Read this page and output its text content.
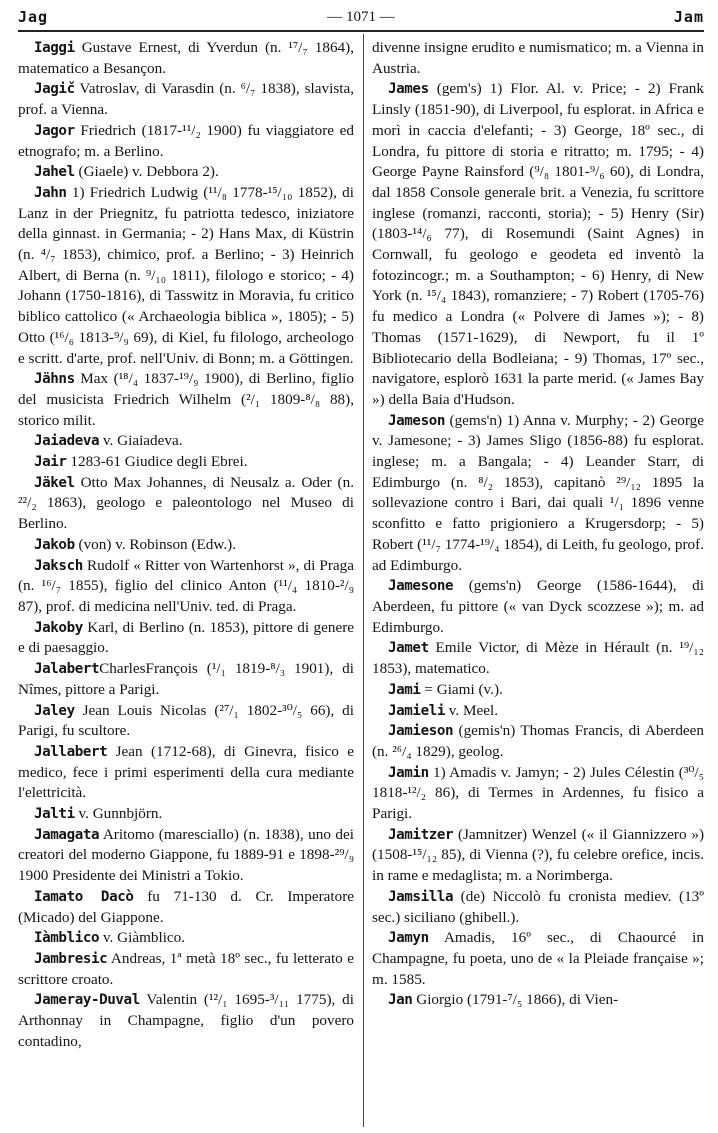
Jag	— 1071 —	Jam

Iaggi Gustave Ernest, di Yverdun (n. ¹⁷/₇ 1864), matematico a Besançon.

Jagič Vatroslav, di Varasdin (n. ⁶/₇ 1838), slavista, prof. a Vienna.

Jagor Friedrich (1817-¹¹/₂ 1900) fu viaggiatore ed etnografo; m. a Berlino.

Jahel (Giaele) v. Debbora 2).

Jahn 1) Friedrich Ludwig (¹¹/₈ 1778-¹⁵/₁₀ 1852), di Lanz in der Priegnitz, fu patriotta tedesco, iniziatore della ginnast. in Germania; - 2) Hans Max, di Küstrin (n. ⁴/₇ 1853), chimico, prof. a Berlino; - 3) Heinrich Albert, di Berna (n. ⁹/₁₀ 1811), filologo e storico; - 4) Johann (1750-1816), di Tasswitz in Moravia, fu critico biblico cattolico (« Archaeologia biblica », 1805); - 5) Otto (¹⁶/₆ 1813-⁹/₉ 69), di Kiel, fu filologo, archeologo e scritt. d'arte, prof. nell'Univ. di Bonn; m. a Göttingen.

Jähns Max (¹⁸/₄ 1837-¹⁹/₉ 1900), di Berlino, figlio del musicista Friedrich Wilhelm (²/₁ 1809-⁸/₈ 88), storico milit.

Jaiadeva v. Giaiadeva.

Jair 1283-61 Giudice degli Ebrei.

Jäkel Otto Max Johannes, di Neusalz a. Oder (n. ²²/₂ 1863), geologo e paleontologo nel Museo di Berlino.

Jakob (von) v. Robinson (Edw.).

Jaksch Rudolf « Ritter von Wartenhorst », di Praga (n. ¹⁶/₇ 1855), figlio del clinico Anton (¹¹/₄ 1810-²/₉ 87), prof. di medicina nell'Univ. ted. di Praga.

Jakoby Karl, di Berlino (n. 1853), pittore di genere e di paesaggio.

JalabertCharlesFrançois (¹/₁ 1819-⁸/₃ 1901), di Nîmes, pittore a Parigi.

Jaley Jean Louis Nicolas (²⁷/₁ 1802-³⁰/₅ 66), di Parigi, fu scultore.

Jallabert Jean (1712-68), di Ginevra, fisico e medico, fece i primi esperimenti della cura mediante l'elettricità.

Jalti v. Gunnbjörn.

Jamagata Aritomo (maresciallo) (n. 1838), uno dei creatori del moderno Giappone, fu 1889-91 e 1898-²⁹/₉ 1900 Presidente dei Ministri a Tokio.

Iamato Dacò fu 71-130 d. Cr. Imperatore (Micado) del Giappone.

Iàmblico v. Giàmblico.

Jambresic Andreas, 1ª metà 18º sec., fu letterato e scrittore croato.

Jameray-Duval Valentin (¹²/₁ 1695-³/₁₁ 1775), di Arthonnay in Champagne, figlio d'un povero contadino,

divenne insigne erudito e numismatico; m. a Vienna in Austria.

James (gem's) 1) Flor. Al. v. Price; - 2) Frank Linsly (1851-90), di Liverpool, fu esplorat. in Africa e morì in caccia d'elefanti; - 3) George, 18º sec., di Londra, fu pittore di storia e ritratto; m. 1795; - 4) George Payne Rainsford (⁹/₈ 1801-⁹/₆ 60), di Londra, dal 1858 Console generale brit. a Venezia, fu scrittore inglese (romanzi, racconti, storia); - 5) Henry (Sir) (1803-¹⁴/₆ 77), di Rosemundi (Saint Agnes) in Cornwall, fu geologo e geodeta ed inventò la fotozincogr.; m. a Southampton; - 6) Henry, di New York (n. ¹⁵/₄ 1843), romanziere; - 7) Robert (1705-76) fu medico a Londra (« Polvere di James »); - 8) Thomas (1571-1629), di Newport, fu il 1º Bibliotecario della Bodleiana; - 9) Thomas, 17º sec., navigatore, esplorò 1631 la parte merid. (« James Bay ») della Baia d'Hudson.

Jameson (gems'n) 1) Anna v. Murphy; - 2) George v. Jamesone; - 3) James Sligo (1856-88) fu esplorat. inglese; m. a Bangala; - 4) Leander Starr, di Edimburgo (n. ⁸/₂ 1853), capitanò ²⁹/₁₂ 1895 la sollevazione contro i Bari, dai quali ¹/₁ 1896 venne sconfitto e fatto prigioniero a Krugersdorp; - 5) Robert (¹¹/₇ 1774-¹⁹/₄ 1854), di Leith, fu geologo, prof. ad Edimburgo.

Jamesone (gems'n) George (1586-1644), di Aberdeen, fu pittore (« van Dyck scozzese »); m. ad Edimburgo.

Jamet Emile Victor, di Mèze in Hérault (n. ¹⁹/₁₂ 1853), matematico.

Jami = Giami (v.).

Jamieli v. Meel.

Jamieson (gemis'n) Thomas Francis, di Aberdeen (n. ²⁶/₄ 1829), geolog.

Jamin 1) Amadis v. Jamyn; - 2) Jules Célestin (³⁰/₅ 1818-¹²/₂ 86), di Termes in Ardennes, fu fisico a Parigi.

Jamitzer (Jamnitzer) Wenzel (« il Giannizzero ») (1508-¹⁵/₁₂ 85), di Vienna (?), fu celebre orefice, incis. in rame e medaglista; m. a Norimberga.

Jamsilla (de) Niccolò fu cronista mediev. (13º sec.) siciliano (ghibell.).

Jamyn Amadis, 16º sec., di Chaourcé in Champagne, fu poeta, uno de « la Pleiade française »; m. 1585.

Jan Giorgio (1791-⁷/₅ 1866), di Vien-
